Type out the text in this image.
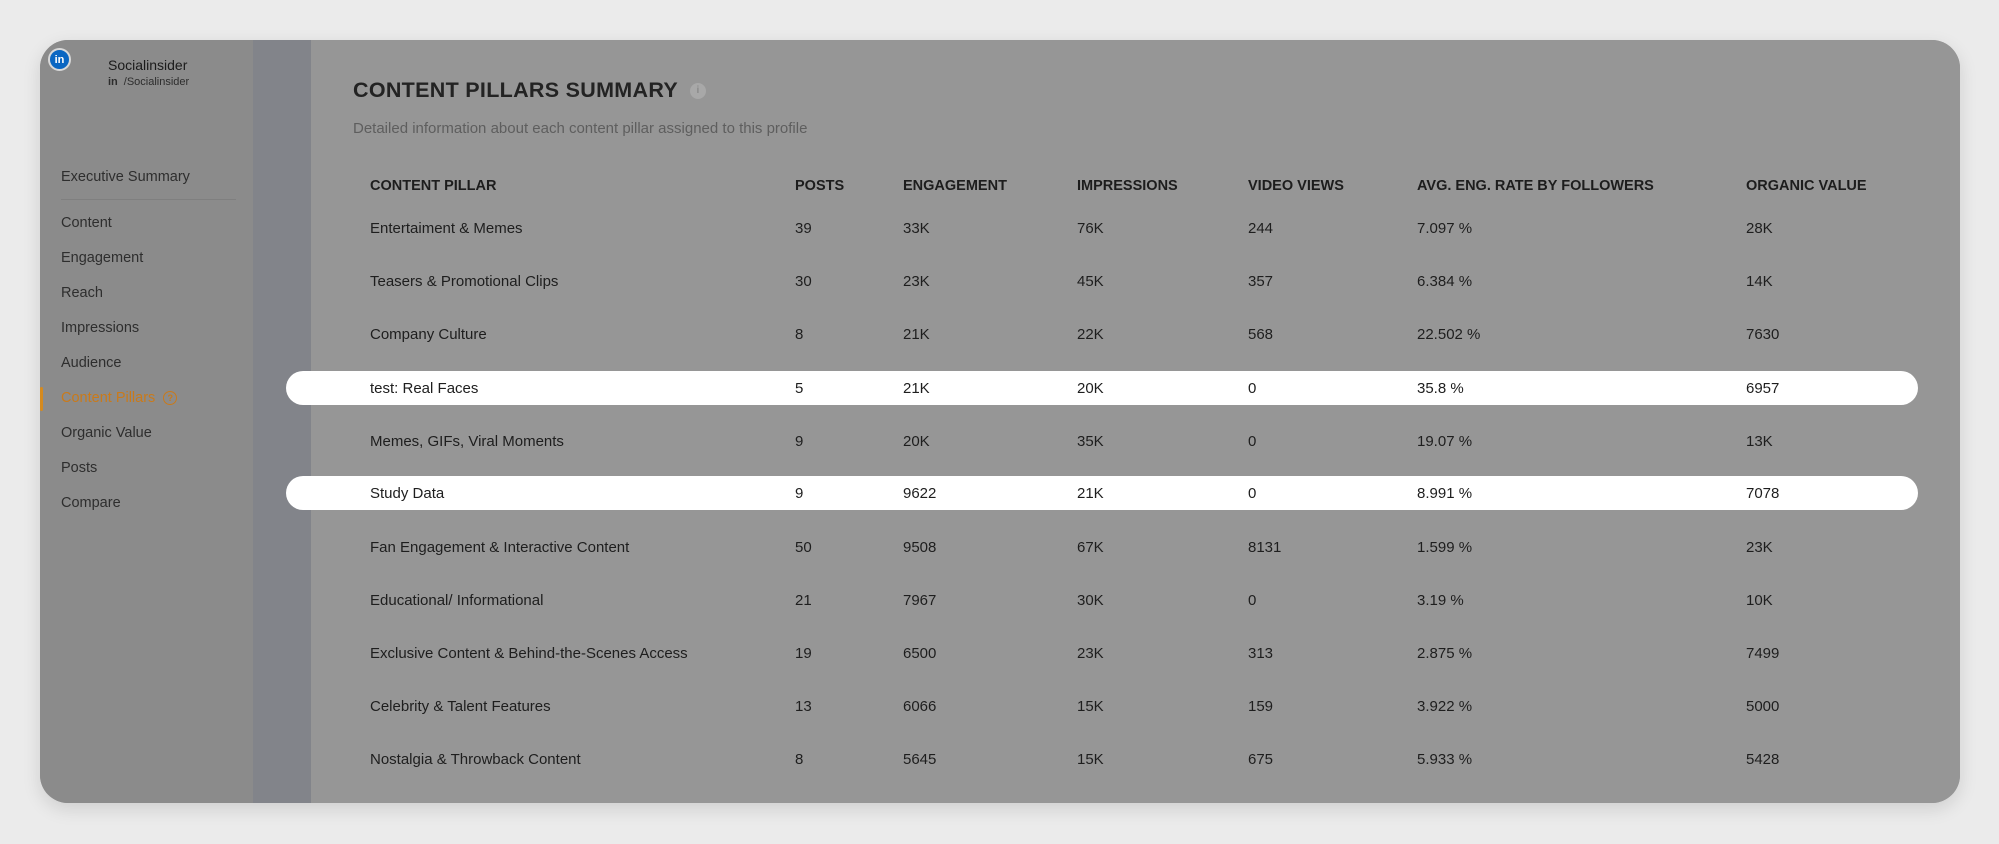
in	Socialinsider
in /Socialinsider
Executive Summary
Content
Engagement
Reach
Impressions
Audience
Content Pillars	?
Organic Value
Posts
Compare
CONTENT PILLARS SUMMARY	i

Detailed information about each content pillar assigned to this profile

CONTENT PILLAR	POSTS	ENGAGEMENT	IMPRESSIONS	VIDEO VIEWS	AVG. ENG. RATE BY FOLLOWERS	ORGANIC VALUE
Entertaiment & Memes	39	33K	76K	244	7.097 %	28K
Teasers & Promotional Clips	30	23K	45K	357	6.384 %	14K
Company Culture	8	21K	22K	568	22.502 %	7630
test: Real Faces	5	21K	20K	0	35.8 %	6957
Memes, GIFs, Viral Moments	9	20K	35K	0	19.07 %	13K
Study Data	9	9622	21K	0	8.991 %	7078
Fan Engagement & Interactive Content	50	9508	67K	8131	1.599 %	23K
Educational/ Informational	21	7967	30K	0	3.19 %	10K
Exclusive Content & Behind-the-Scenes Access	19	6500	23K	313	2.875 %	7499
Celebrity & Talent Features	13	6066	15K	159	3.922 %	5000
Nostalgia & Throwback Content	8	5645	15K	675	5.933 %	5428
